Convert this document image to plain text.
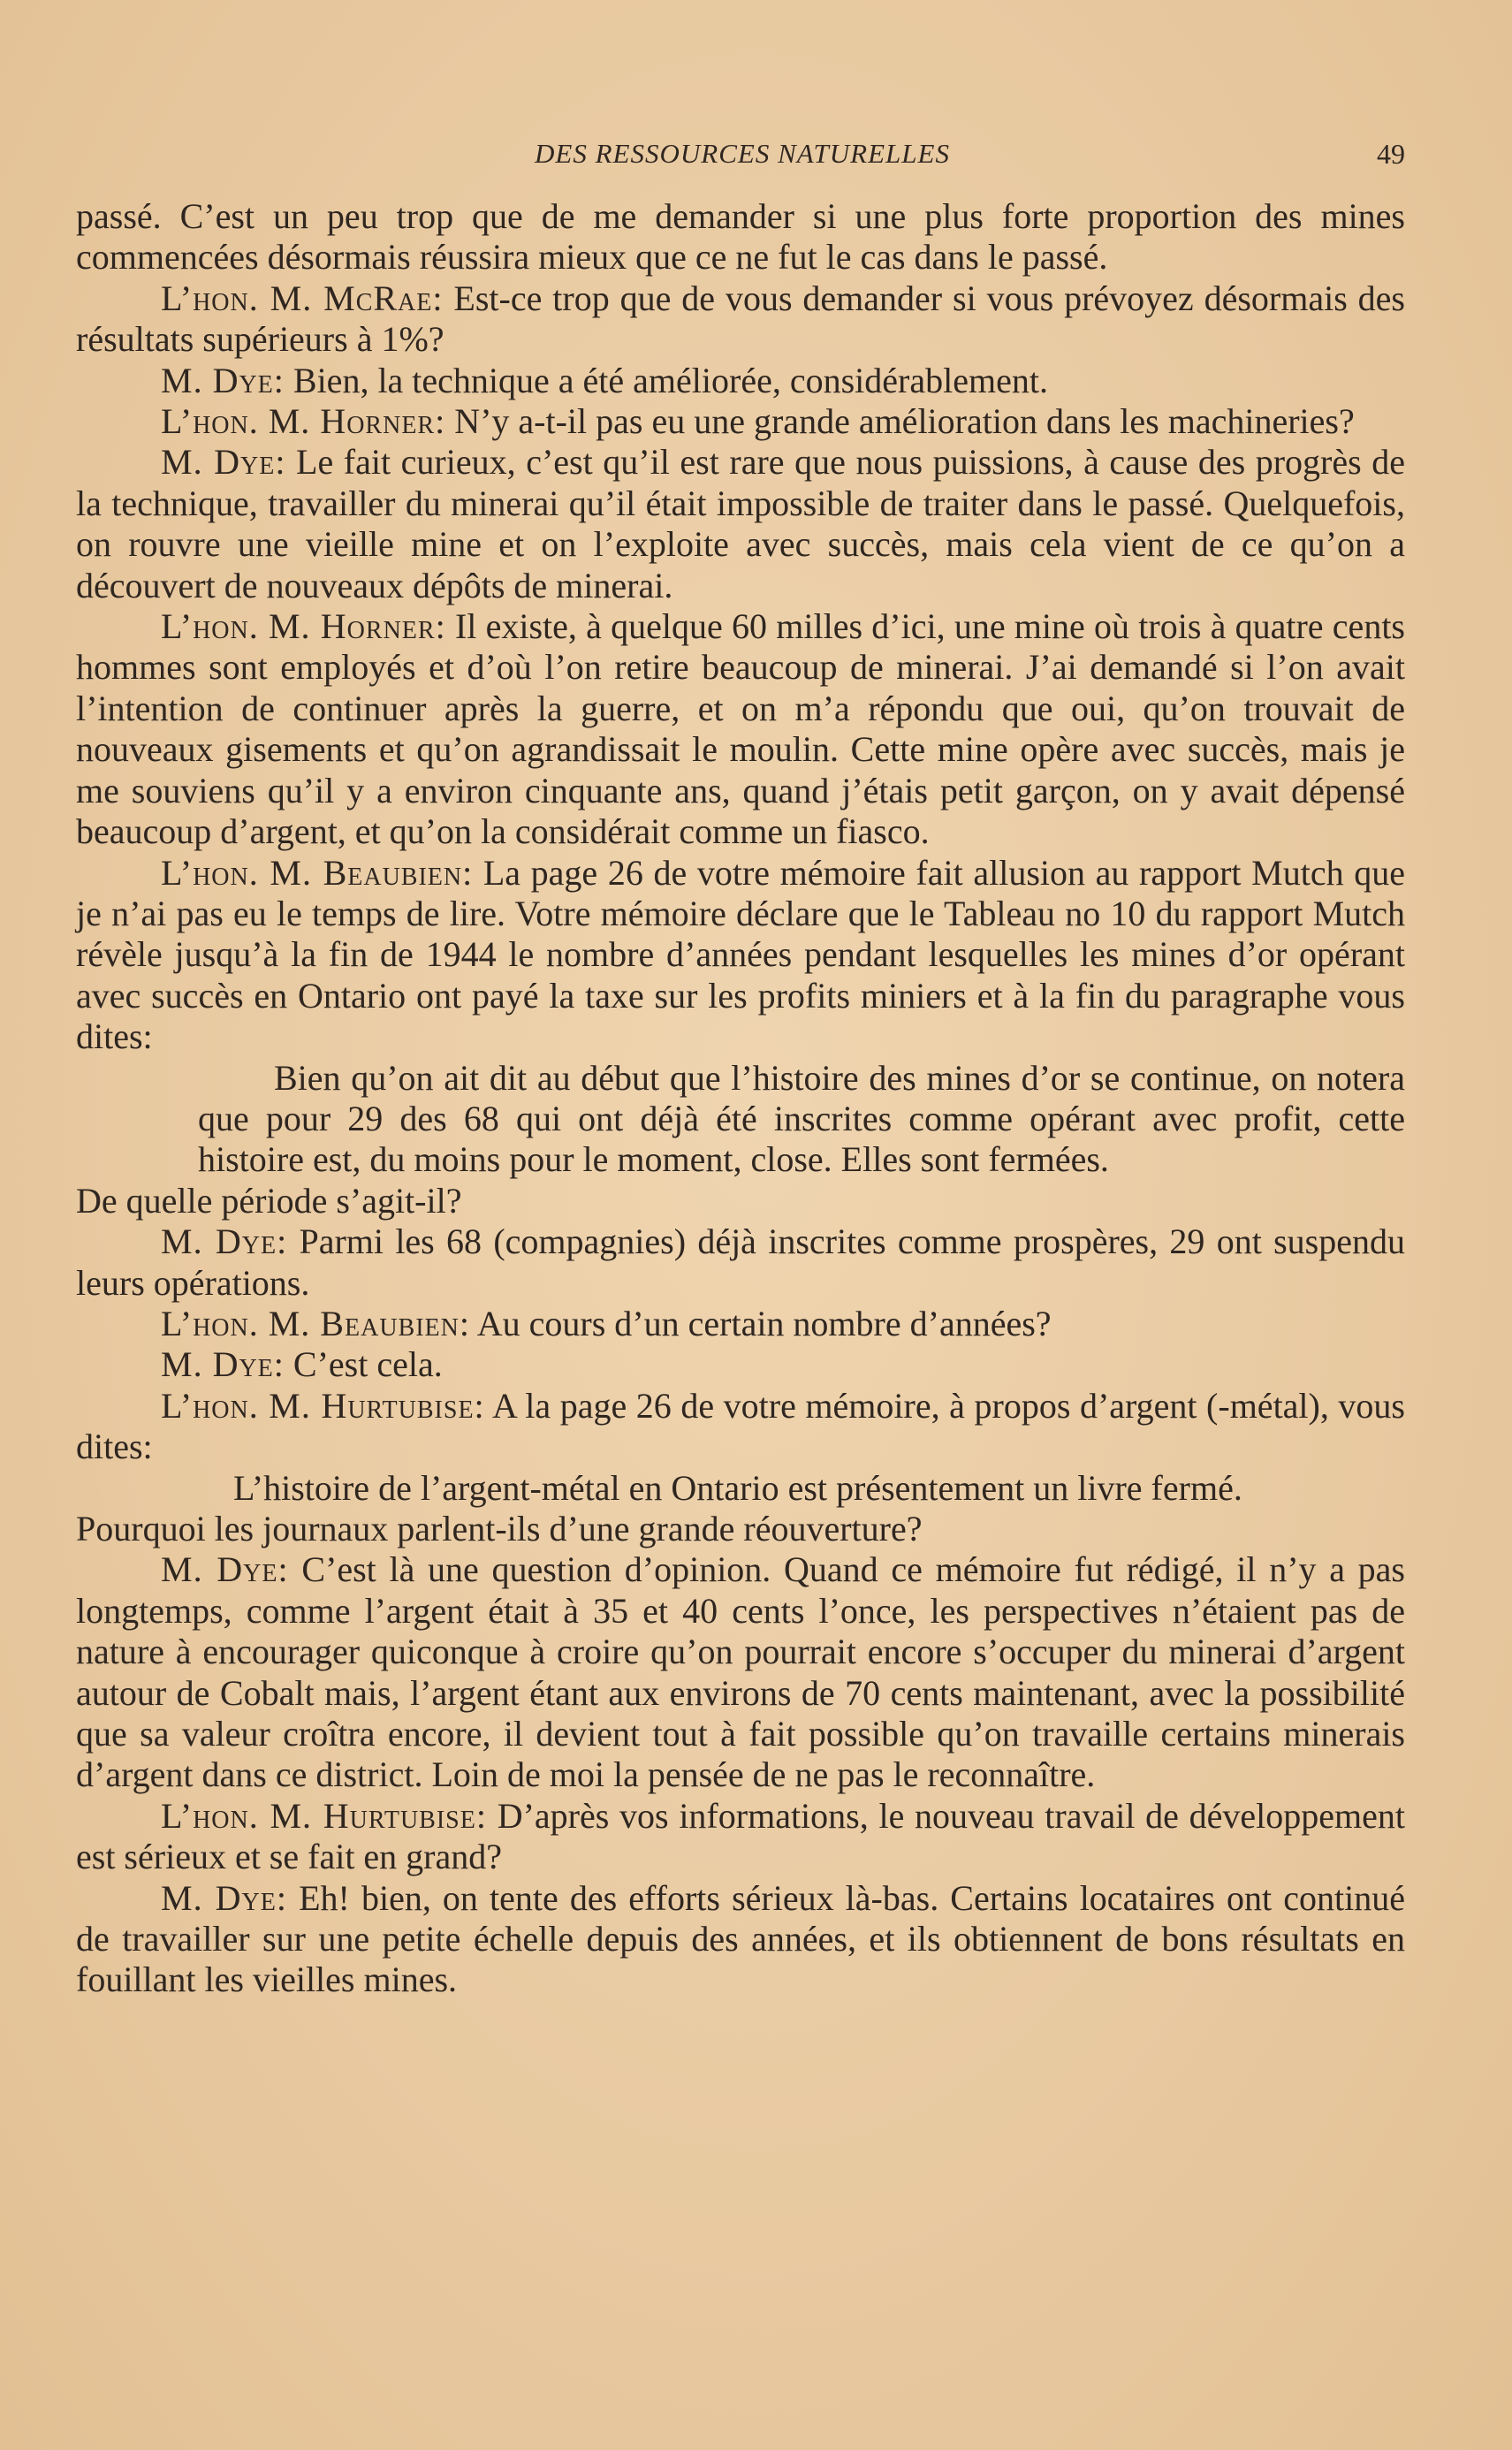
DES RESSOURCES NATURELLES	49

passé. C’est un peu trop que de me demander si une plus forte proportion des mines commencées désormais réussira mieux que ce ne fut le cas dans le passé.

L’hon. M. McRae: Est-ce trop que de vous demander si vous prévoyez désormais des résultats supérieurs à 1%?

M. Dye: Bien, la technique a été améliorée, considérablement.

L’hon. M. Horner: N’y a-t-il pas eu une grande amélioration dans les machineries?

M. Dye: Le fait curieux, c’est qu’il est rare que nous puissions, à cause des progrès de la technique, travailler du minerai qu’il était impossible de traiter dans le passé. Quelquefois, on rouvre une vieille mine et on l’exploite avec succès, mais cela vient de ce qu’on a découvert de nouveaux dépôts de minerai.

L’hon. M. Horner: Il existe, à quelque 60 milles d’ici, une mine où trois à quatre cents hommes sont employés et d’où l’on retire beaucoup de minerai. J’ai demandé si l’on avait l’intention de continuer après la guerre, et on m’a répondu que oui, qu’on trouvait de nouveaux gisements et qu’on agrandissait le moulin. Cette mine opère avec succès, mais je me souviens qu’il y a environ cinquante ans, quand j’étais petit garçon, on y avait dépensé beaucoup d’argent, et qu’on la considérait comme un fiasco.

L’hon. M. Beaubien: La page 26 de votre mémoire fait allusion au rapport Mutch que je n’ai pas eu le temps de lire. Votre mémoire déclare que le Tableau no 10 du rapport Mutch révèle jusqu’à la fin de 1944 le nombre d’années pendant lesquelles les mines d’or opérant avec succès en Ontario ont payé la taxe sur les profits miniers et à la fin du paragraphe vous dites:

Bien qu’on ait dit au début que l’histoire des mines d’or se continue, on notera que pour 29 des 68 qui ont déjà été inscrites comme opérant avec profit, cette histoire est, du moins pour le moment, close. Elles sont fermées.

De quelle période s’agit-il?

M. Dye: Parmi les 68 (compagnies) déjà inscrites comme prospères, 29 ont suspendu leurs opérations.

L’hon. M. Beaubien: Au cours d’un certain nombre d’années?

M. Dye: C’est cela.

L’hon. M. Hurtubise: A la page 26 de votre mémoire, à propos d’argent (-métal), vous dites:

L’histoire de l’argent-métal en Ontario est présentement un livre fermé.

Pourquoi les journaux parlent-ils d’une grande réouverture?

M. Dye: C’est là une question d’opinion. Quand ce mémoire fut rédigé, il n’y a pas longtemps, comme l’argent était à 35 et 40 cents l’once, les perspectives n’étaient pas de nature à encourager quiconque à croire qu’on pourrait encore s’occuper du minerai d’argent autour de Cobalt mais, l’argent étant aux environs de 70 cents maintenant, avec la possibilité que sa valeur croîtra encore, il devient tout à fait possible qu’on travaille certains minerais d’argent dans ce district. Loin de moi la pensée de ne pas le reconnaître.

L’hon. M. Hurtubise: D’après vos informations, le nouveau travail de développement est sérieux et se fait en grand?

M. Dye: Eh! bien, on tente des efforts sérieux là-bas. Certains locataires ont continué de travailler sur une petite échelle depuis des années, et ils obtiennent de bons résultats en fouillant les vieilles mines.
